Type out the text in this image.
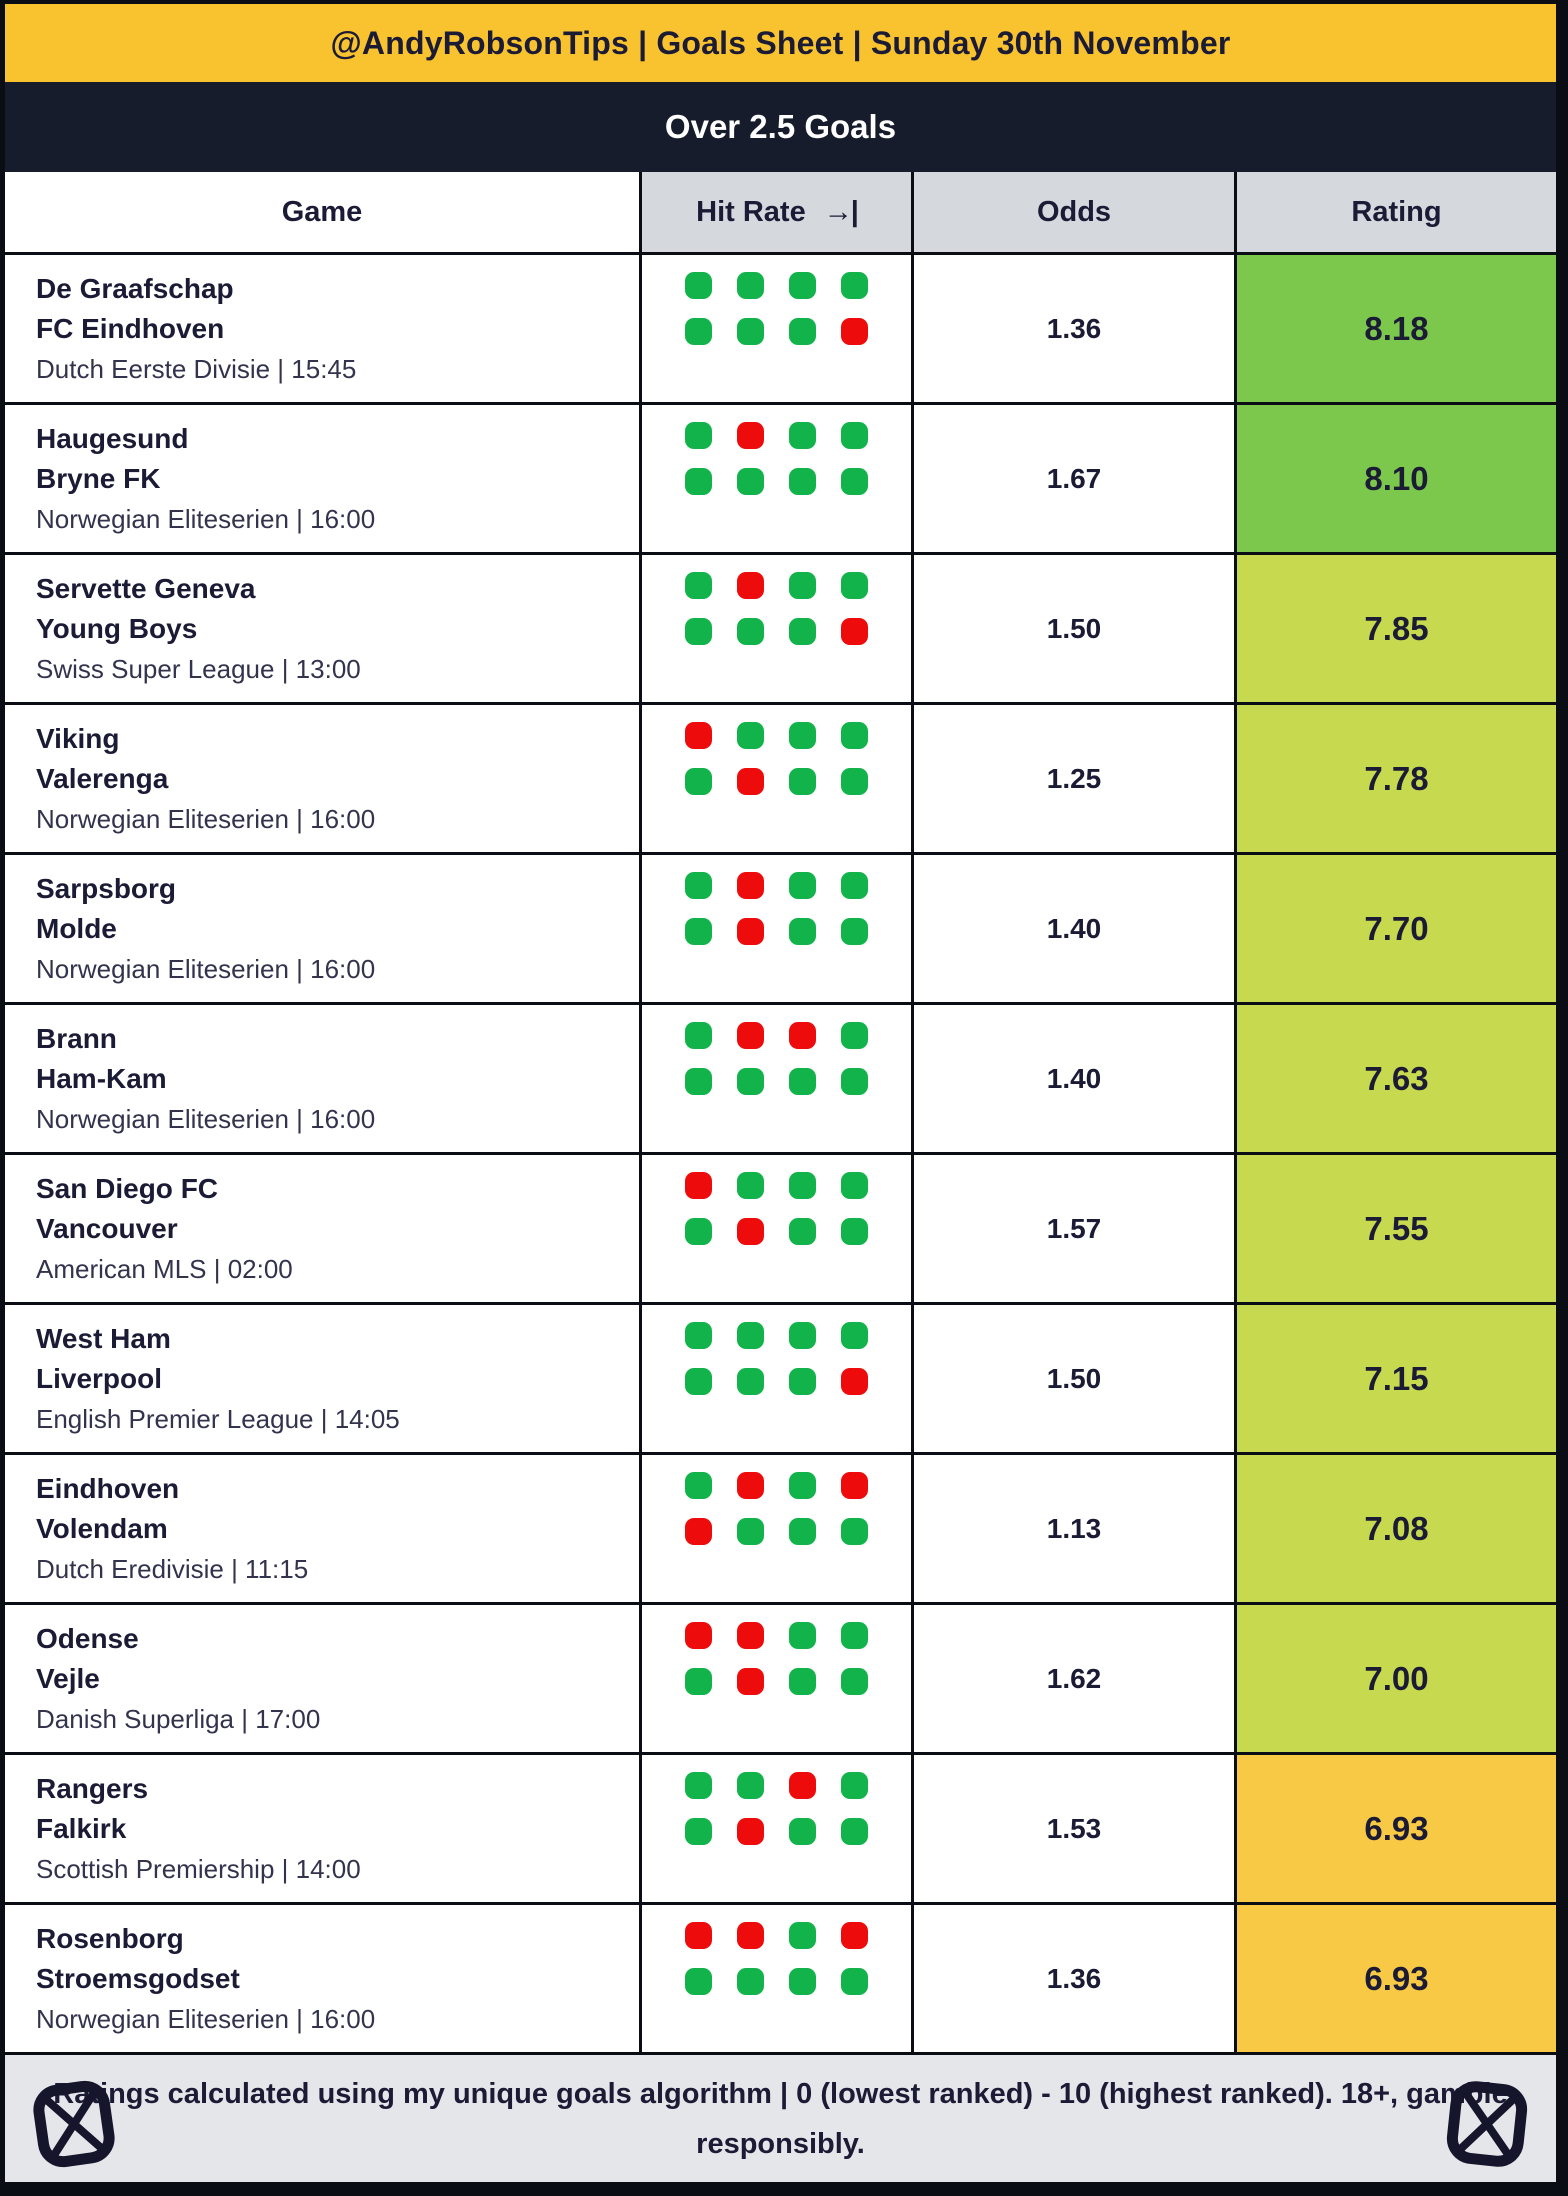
@AndyRobsonTips | Goals Sheet | Sunday 30th November
Over 2.5 Goals
Game	Hit Rate →|	Odds	Rating
De Graafschap
FC Eindhoven
Dutch Eerste Divisie | 15:45
1.36	8.18
Haugesund
Bryne FK
Norwegian Eliteserien | 16:00
1.67	8.10
Servette Geneva
Young Boys
Swiss Super League | 13:00
1.50	7.85
Viking
Valerenga
Norwegian Eliteserien | 16:00
1.25	7.78
Sarpsborg
Molde
Norwegian Eliteserien | 16:00
1.40	7.70
Brann
Ham-Kam
Norwegian Eliteserien | 16:00
1.40	7.63
San Diego FC
Vancouver
American MLS | 02:00
1.57	7.55
West Ham
Liverpool
English Premier League | 14:05
1.50	7.15
Eindhoven
Volendam
Dutch Eredivisie | 11:15
1.13	7.08
Odense
Vejle
Danish Superliga | 17:00
1.62	7.00
Rangers
Falkirk
Scottish Premiership | 14:00
1.53	6.93
Rosenborg
Stroemsgodset
Norwegian Eliteserien | 16:00
1.36	6.93
Ratings calculated using my unique goals algorithm | 0 (lowest ranked) - 10 (highest ranked). 18+, gamble responsibly.
